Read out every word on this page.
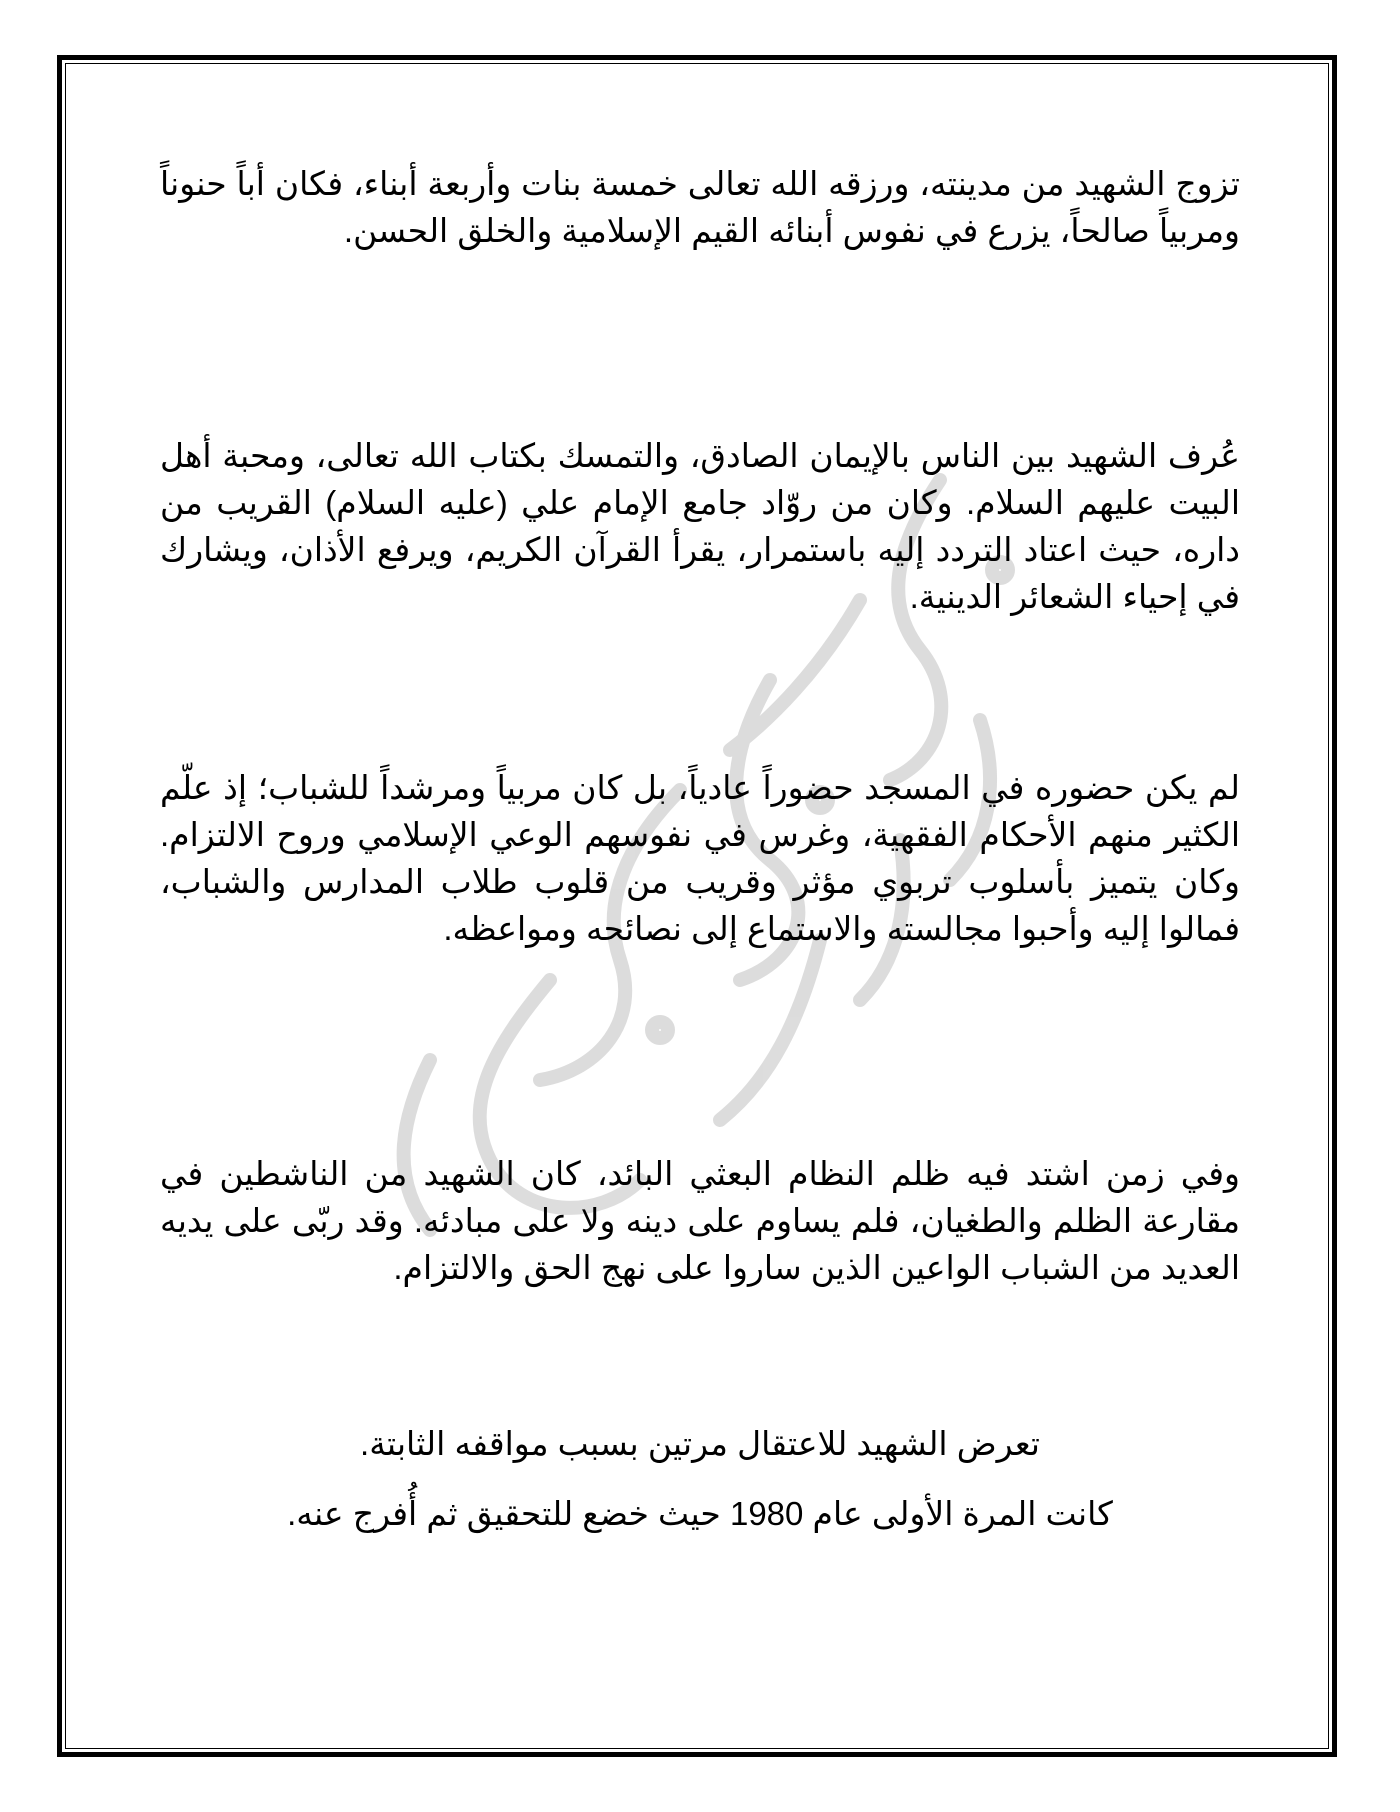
تزوج الشهيد من مدينته، ورزقه الله تعالى خمسة بنات وأربعة أبناء، فكان أباً حنوناً ومربياً صالحاً، يزرع في نفوس أبنائه القيم الإسلامية والخلق الحسن.

عُرف الشهيد بين الناس بالإيمان الصادق، والتمسك بكتاب الله تعالى، ومحبة أهل البيت عليهم السلام. وكان من روّاد جامع الإمام علي (عليه السلام) القريب من داره، حيث اعتاد التردد إليه باستمرار، يقرأ القرآن الكريم، ويرفع الأذان، ويشارك في إحياء الشعائر الدينية.

لم يكن حضوره في المسجد حضوراً عادياً، بل كان مربياً ومرشداً للشباب؛ إذ علّم الكثير منهم الأحكام الفقهية، وغرس في نفوسهم الوعي الإسلامي وروح الالتزام. وكان يتميز بأسلوب تربوي مؤثر وقريب من قلوب طلاب المدارس والشباب، فمالوا إليه وأحبوا مجالسته والاستماع إلى نصائحه ومواعظه.

وفي زمن اشتد فيه ظلم النظام البعثي البائد، كان الشهيد من الناشطين في مقارعة الظلم والطغيان، فلم يساوم على دينه ولا على مبادئه. وقد ربّى على يديه العديد من الشباب الواعين الذين ساروا على نهج الحق والالتزام.

تعرض الشهيد للاعتقال مرتين بسبب مواقفه الثابتة.

كانت المرة الأولى عام 1980 حيث خضع للتحقيق ثم أُفرج عنه.
